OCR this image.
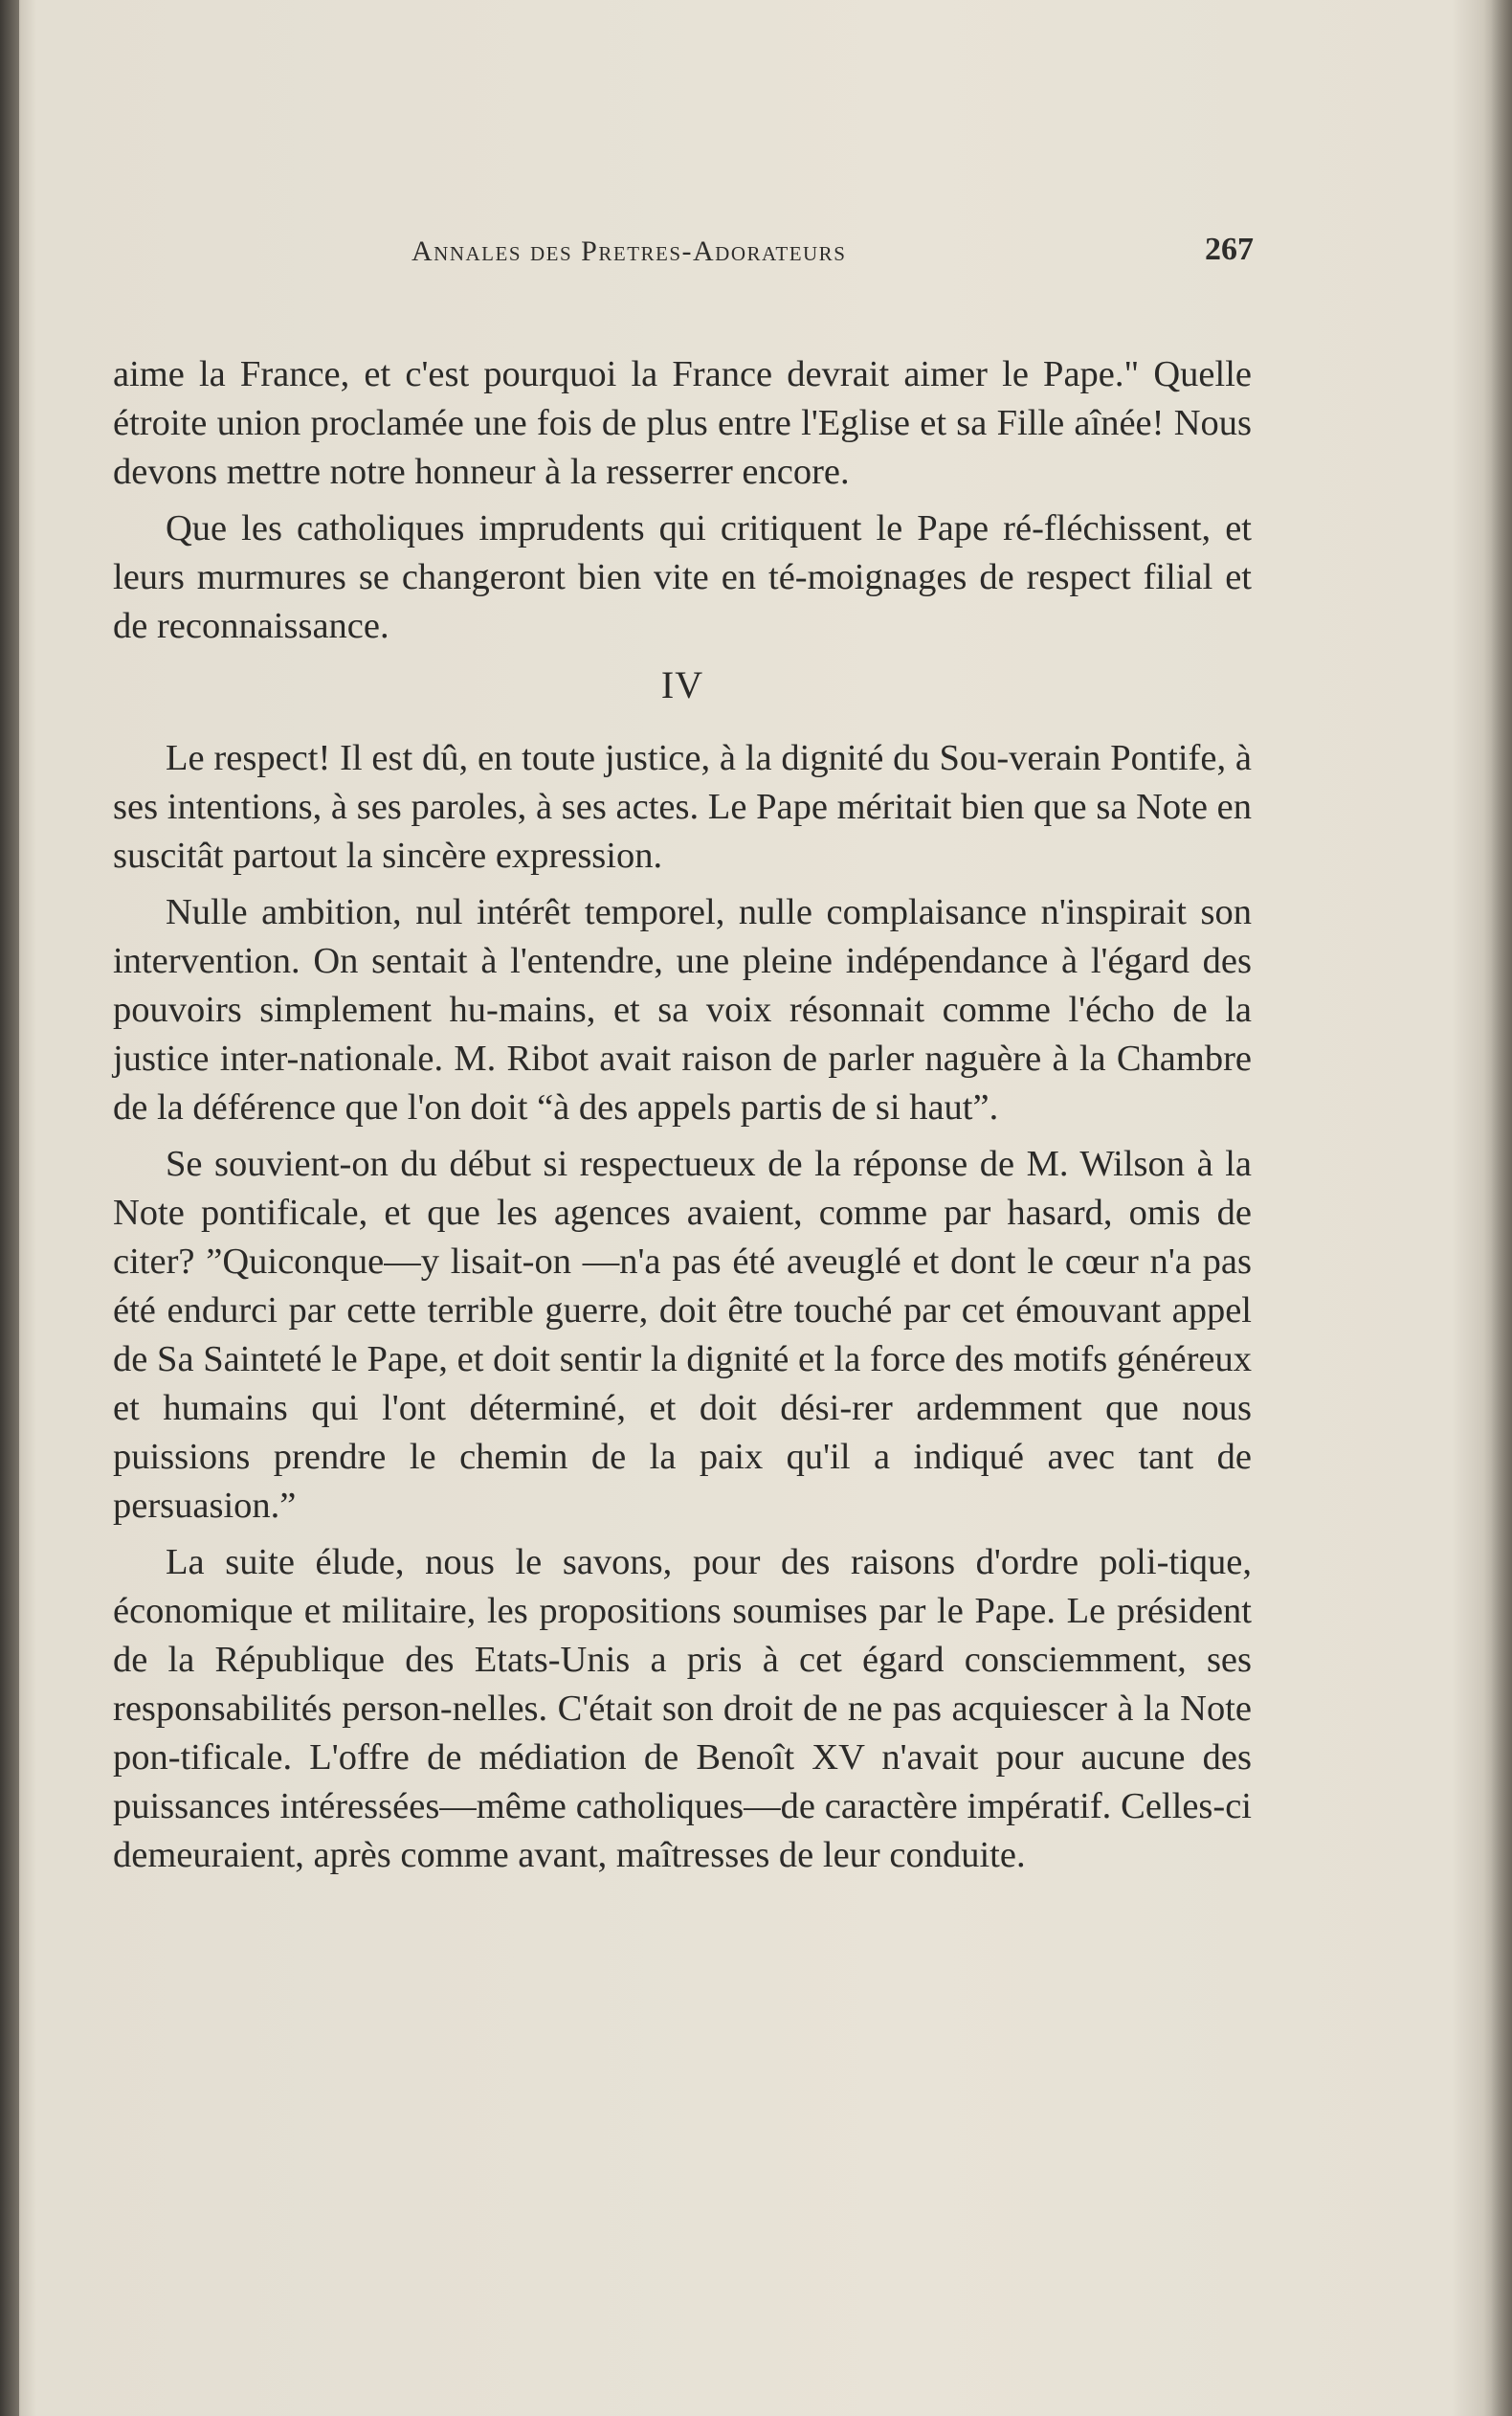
Annales des Pretres-Adorateurs	267

aime la France, et c'est pourquoi la France devrait aimer le Pape." Quelle étroite union proclamée une fois de plus entre l'Eglise et sa Fille aînée! Nous devons mettre notre honneur à la resserrer encore.

Que les catholiques imprudents qui critiquent le Pape ré-fléchissent, et leurs murmures se changeront bien vite en té-moignages de respect filial et de reconnaissance.

IV

Le respect! Il est dû, en toute justice, à la dignité du Sou-verain Pontife, à ses intentions, à ses paroles, à ses actes. Le Pape méritait bien que sa Note en suscitât partout la sincère expression.

Nulle ambition, nul intérêt temporel, nulle complaisance n'inspirait son intervention. On sentait à l'entendre, une pleine indépendance à l'égard des pouvoirs simplement hu-mains, et sa voix résonnait comme l'écho de la justice inter-nationale. M. Ribot avait raison de parler naguère à la Chambre de la déférence que l'on doit “à des appels partis de si haut”.

Se souvient-on du début si respectueux de la réponse de M. Wilson à la Note pontificale, et que les agences avaient, comme par hasard, omis de citer? ”Quiconque—y lisait-on —n'a pas été aveuglé et dont le cœur n'a pas été endurci par cette terrible guerre, doit être touché par cet émouvant appel de Sa Sainteté le Pape, et doit sentir la dignité et la force des motifs généreux et humains qui l'ont déterminé, et doit dési-rer ardemment que nous puissions prendre le chemin de la paix qu'il a indiqué avec tant de persuasion.”

La suite élude, nous le savons, pour des raisons d'ordre poli-tique, économique et militaire, les propositions soumises par le Pape. Le président de la République des Etats-Unis a pris à cet égard consciemment, ses responsabilités person-nelles. C'était son droit de ne pas acquiescer à la Note pon-tificale. L'offre de médiation de Benoît XV n'avait pour aucune des puissances intéressées—même catholiques—de caractère impératif. Celles-ci demeuraient, après comme avant, maîtresses de leur conduite.
